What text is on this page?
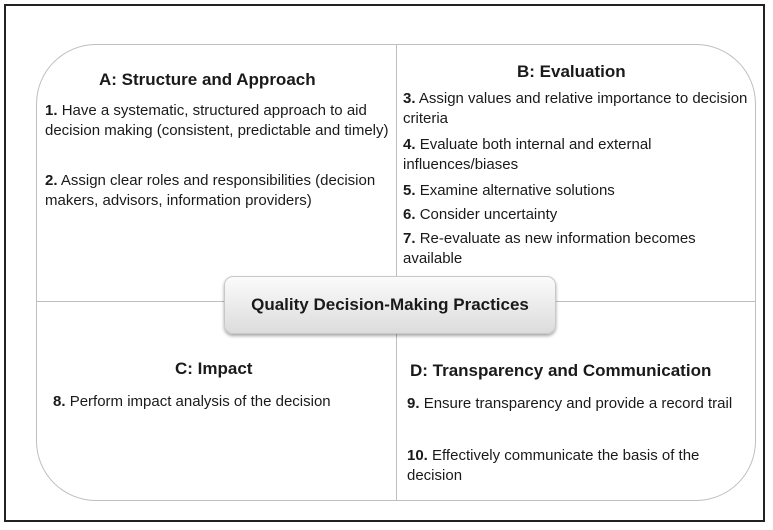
A: Structure and Approach
1. Have a systematic, structured approach to aid decision making (consistent, predictable and timely)
2. Assign clear roles and responsibilities (decision makers, advisors, information providers)
B: Evaluation
3. Assign values and relative importance to decision criteria
4. Evaluate both internal and external influences/biases
5. Examine alternative solutions
6. Consider uncertainty
7. Re-evaluate as new information becomes available
C: Impact
8. Perform impact analysis of the decision
D: Transparency and Communication
9. Ensure transparency and provide a record trail
10. Effectively communicate the basis of the decision
Quality Decision-Making Practices
